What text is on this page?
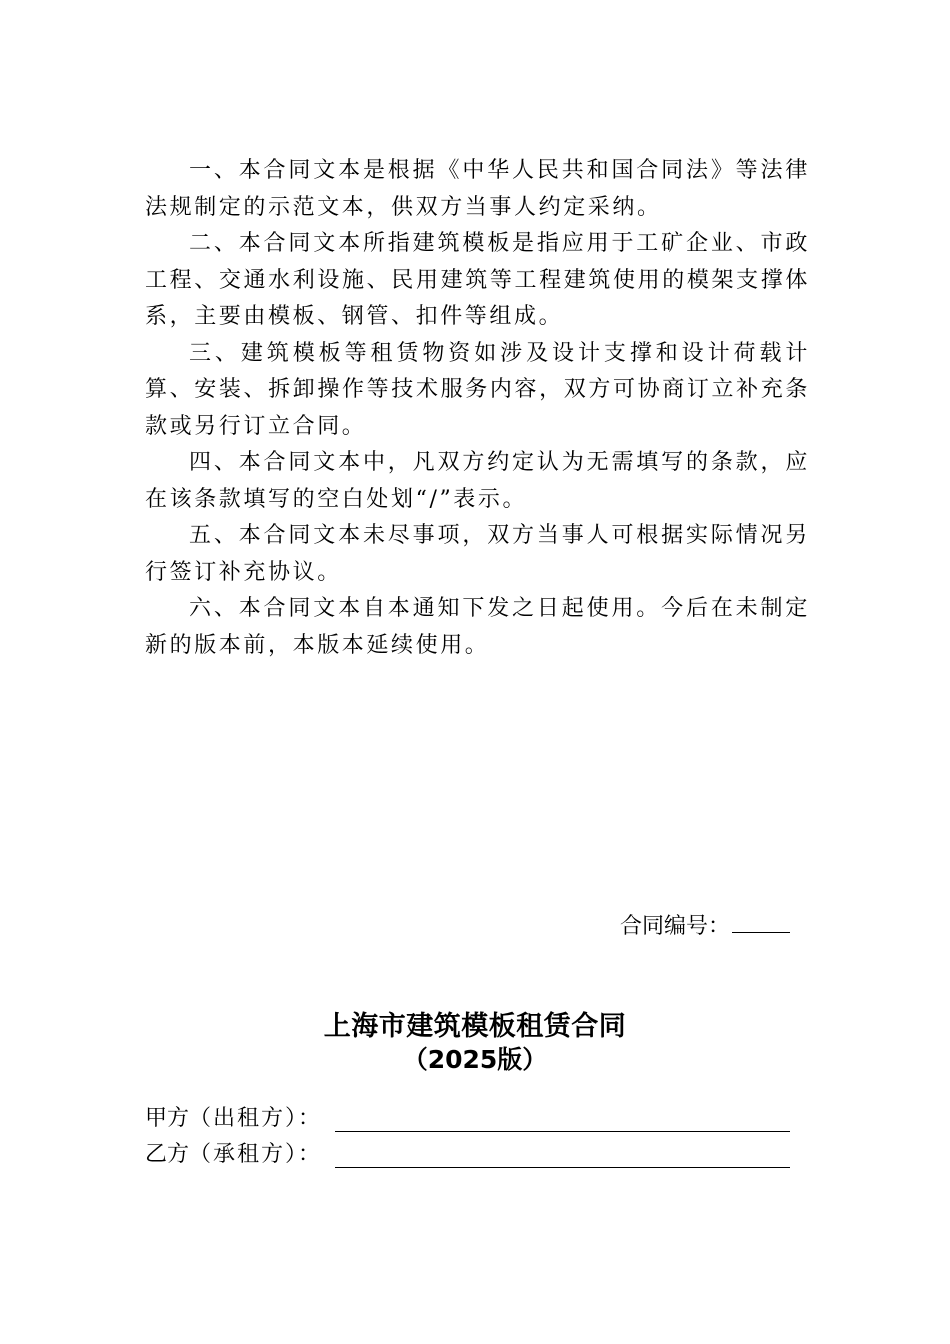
一、本合同文本是根据《中华人民共和国合同法》等法律法规制定的示范文本，供双方当事人约定采纳。

二、本合同文本所指建筑模板是指应用于工矿企业、市政工程、交通水利设施、民用建筑等工程建筑使用的模架支撑体系，主要由模板、钢管、扣件等组成。

三、建筑模板等租赁物资如涉及设计支撑和设计荷载计算、安装、拆卸操作等技术服务内容，双方可协商订立补充条款或另行订立合同。

四、本合同文本中，凡双方约定认为无需填写的条款，应在该条款填写的空白处划“/”表示。

五、本合同文本未尽事项，双方当事人可根据实际情况另行签订补充协议。

六、本合同文本自本通知下发之日起使用。今后在未制定新的版本前，本版本延续使用。

合同编号：
上海市建筑模板租赁合同
（2025版）
甲方（出租方）：
乙方（承租方）：
